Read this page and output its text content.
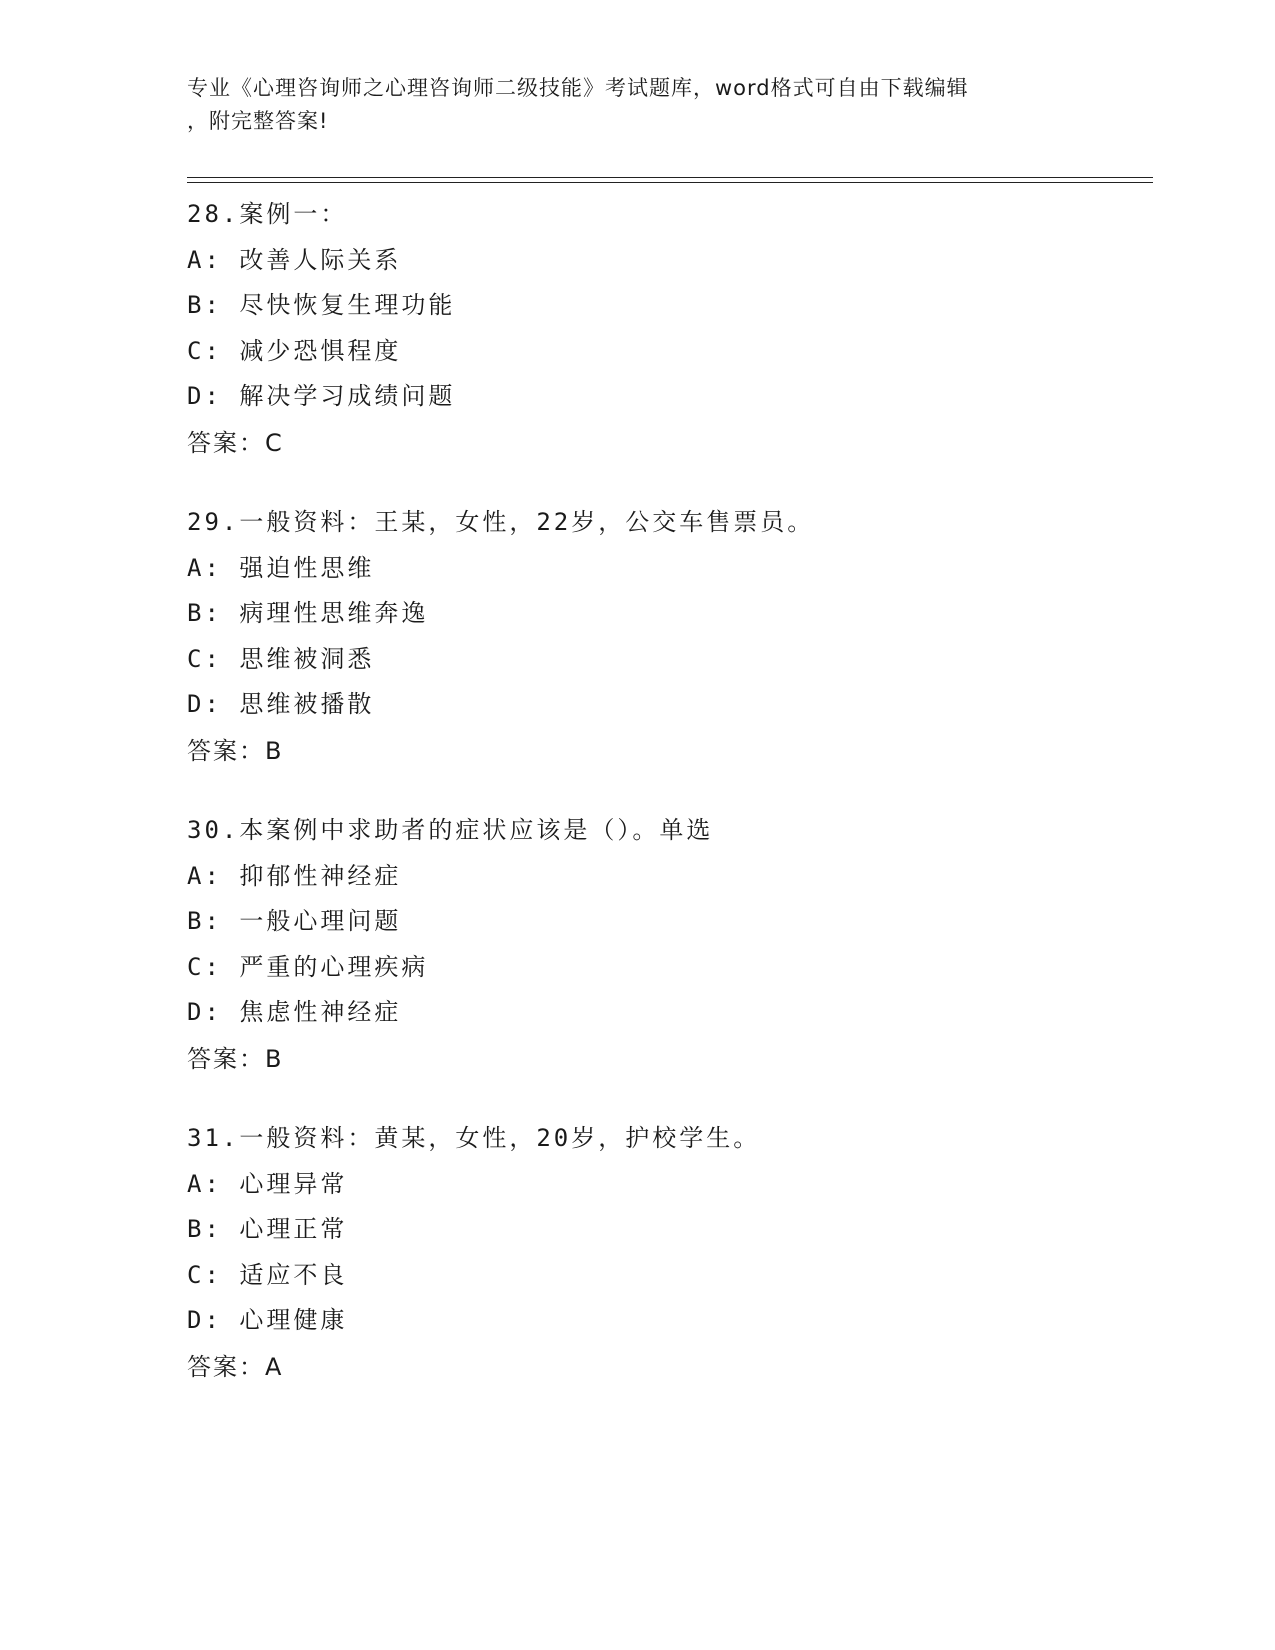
专业《心理咨询师之心理咨询师二级技能》考试题库，word格式可自由下载编辑
，附完整答案!
28.案例一：
A: 改善人际关系
B: 尽快恢复生理功能
C: 减少恐惧程度
D: 解决学习成绩问题
答案：C
29.一般资料：王某，女性，22岁，公交车售票员。
A: 强迫性思维
B: 病理性思维奔逸
C: 思维被洞悉
D: 思维被播散
答案：B
30.本案例中求助者的症状应该是（）。单选
A: 抑郁性神经症
B: 一般心理问题
C: 严重的心理疾病
D: 焦虑性神经症
答案：B
31.一般资料：黄某，女性，20岁，护校学生。
A: 心理异常
B: 心理正常
C: 适应不良
D: 心理健康
答案：A
